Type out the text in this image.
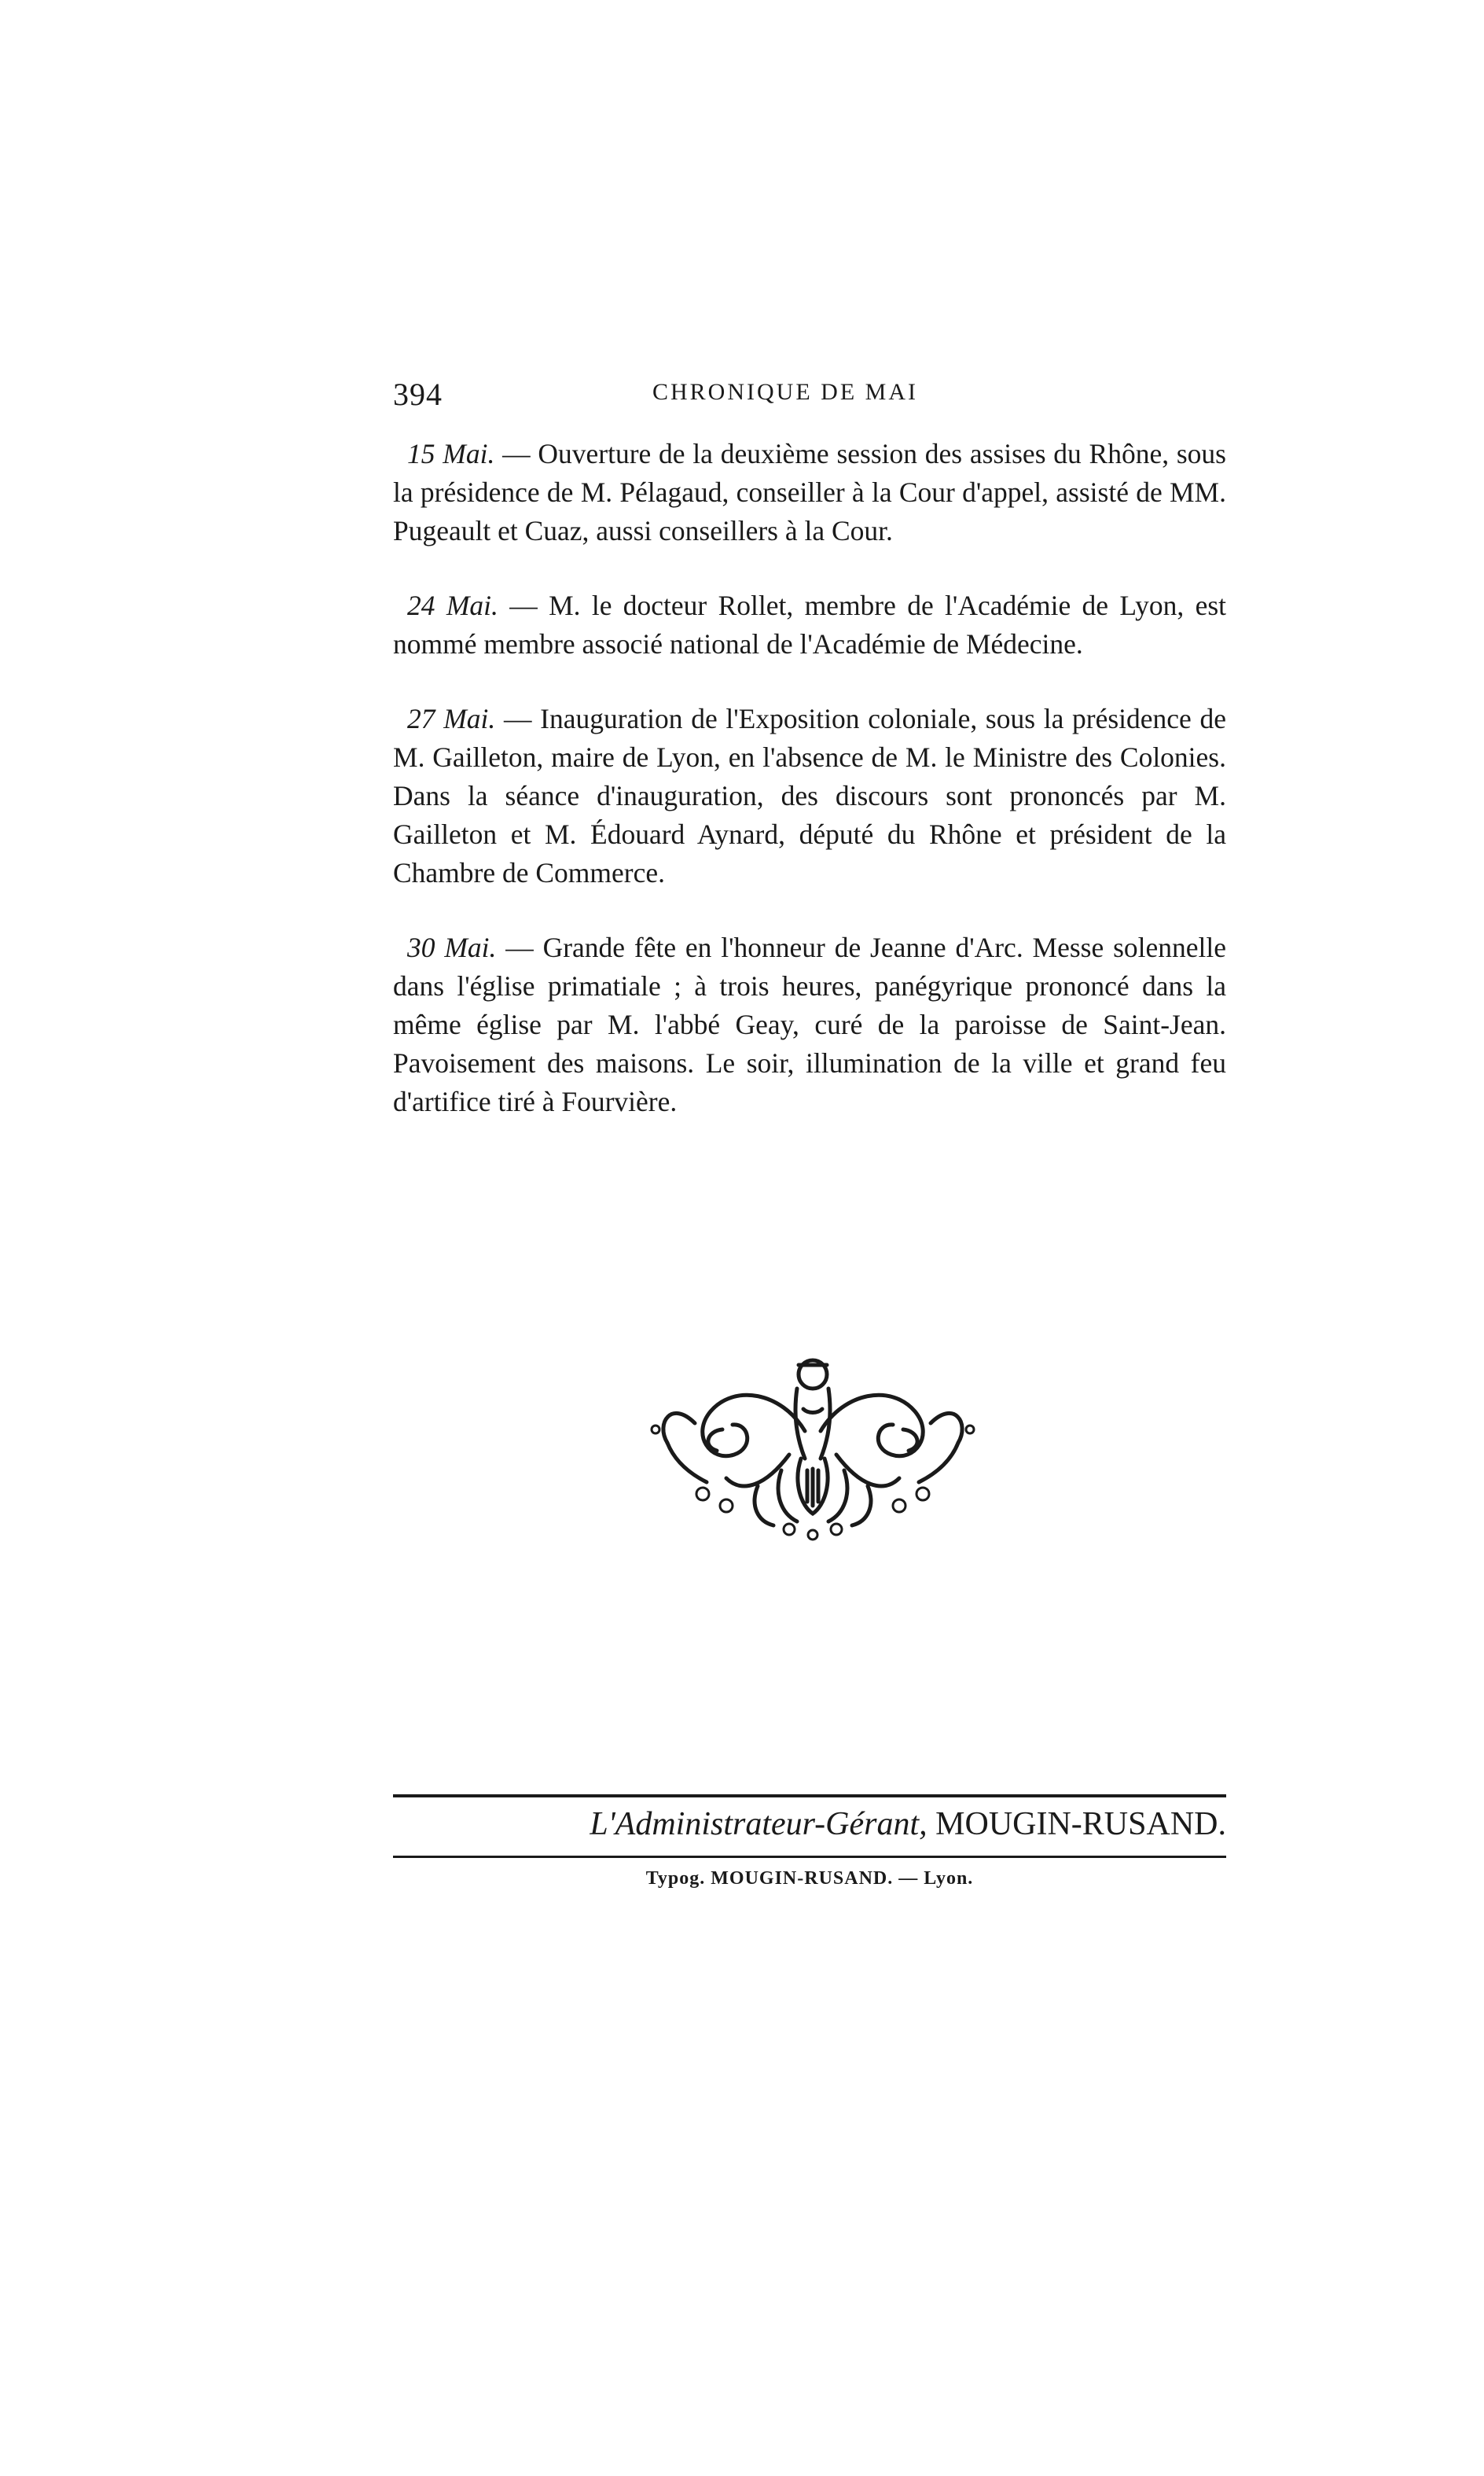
394	CHRONIQUE DE MAI

15 Mai. — Ouverture de la deuxième session des assises du Rhône, sous la présidence de M. Pélagaud, conseiller à la Cour d'appel, assisté de MM. Pugeault et Cuaz, aussi conseillers à la Cour.

24 Mai. — M. le docteur Rollet, membre de l'Académie de Lyon, est nommé membre associé national de l'Académie de Médecine.

27 Mai. — Inauguration de l'Exposition coloniale, sous la présidence de M. Gailleton, maire de Lyon, en l'absence de M. le Ministre des Colonies. Dans la séance d'inauguration, des discours sont prononcés par M. Gailleton et M. Édouard Aynard, député du Rhône et président de la Chambre de Commerce.

30 Mai. — Grande fête en l'honneur de Jeanne d'Arc. Messe solennelle dans l'église primatiale ; à trois heures, panégyrique prononcé dans la même église par M. l'abbé Geay, curé de la paroisse de Saint-Jean. Pavoisement des maisons. Le soir, illumination de la ville et grand feu d'artifice tiré à Fourvière.

L'Administrateur-Gérant, MOUGIN-RUSAND.
Typog. MOUGIN-RUSAND. — Lyon.
